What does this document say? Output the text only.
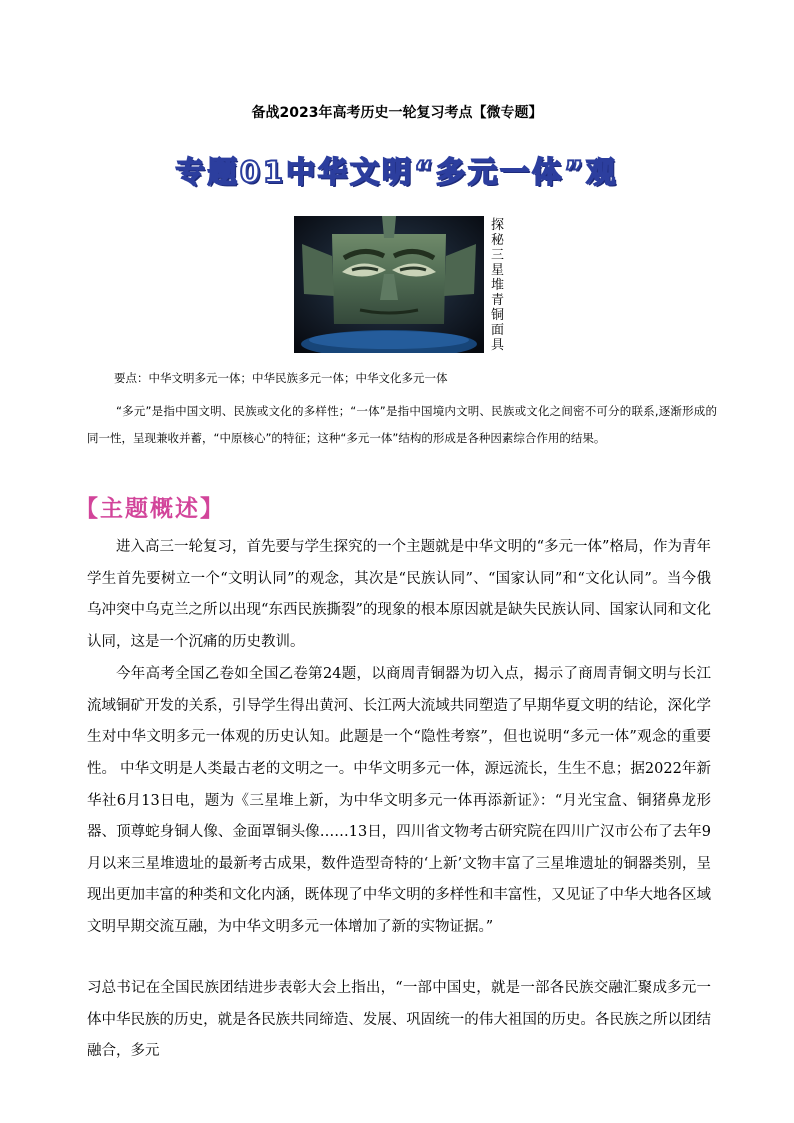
备战2023年高考历史一轮复习考点【微专题】
专题01中华文明“多元一体”观
探秘三星堆青铜面具
要点：中华文明多元一体；中华民族多元一体；中华文化多元一体
“多元”是指中国文明、民族或文化的多样性；“一体”是指中国境内文明、民族或文化之间密不可分的联系,逐渐形成的同一性，呈现兼收并蓄，“中原核心”的特征；这种“多元一体”结构的形成是各种因素综合作用的结果。
【主题概述】
进入高三一轮复习，首先要与学生探究的一个主题就是中华文明的“多元一体”格局，作为青年学生首先要树立一个“文明认同”的观念，其次是“民族认同”、“国家认同”和“文化认同”。当今俄乌冲突中乌克兰之所以出现“东西民族撕裂”的现象的根本原因就是缺失民族认同、国家认同和文化认同，这是一个沉痛的历史教训。
今年高考全国乙卷如全国乙卷第24题，以商周青铜器为切入点，揭示了商周青铜文明与长江流域铜矿开发的关系，引导学生得出黄河、长江两大流域共同塑造了早期华夏文明的结论，深化学生对中华文明多元一体观的历史认知。此题是一个“隐性考察”，但也说明“多元一体”观念的重要性。 中华文明是人类最古老的文明之一。中华文明多元一体，源远流长，生生不息；据2022年新华社6月13日电，题为《三星堆上新，为中华文明多元一体再添新证》：“月光宝盒、铜猪鼻龙形器、顶尊蛇身铜人像、金面罩铜头像……13日，四川省文物考古研究院在四川广汉市公布了去年9月以来三星堆遗址的最新考古成果，数件造型奇特的‘上新’文物丰富了三星堆遗址的铜器类别，呈现出更加丰富的种类和文化内涵，既体现了中华文明的多样性和丰富性，又见证了中华大地各区域文明早期交流互融，为中华文明多元一体增加了新的实物证据。”
习总书记在全国民族团结进步表彰大会上指出，“一部中国史，就是一部各民族交融汇聚成多元一体中华民族的历史，就是各民族共同缔造、发展、巩固统一的伟大祖国的历史。各民族之所以团结融合，多元
